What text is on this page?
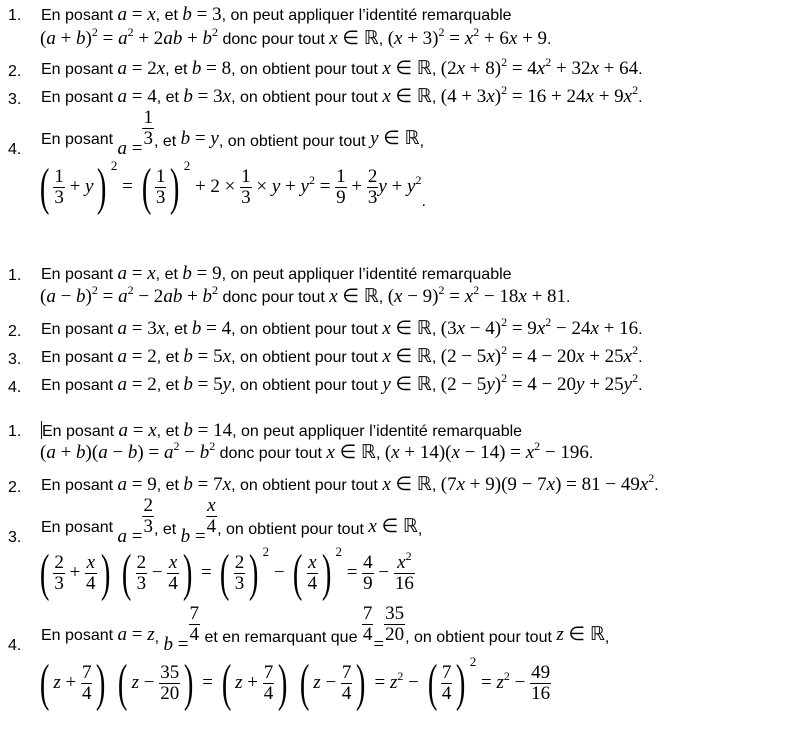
1. En posant a = x, et b = 3, on peut appliquer l’identité remarquable
$(a + b)^2 = a^2 + 2ab + b^2$ donc pour tout x ∈ ℝ, $(x + 3)^2 = x^2 + 6x + 9$.
2. En posant a = 2x, et b = 8, on obtient pour tout x ∈ ℝ, $(2x + 8)^2 = 4x^2 + 32x + 64$.
3. En posant a = 4, et b = 3x, on obtient pour tout x ∈ ℝ, $(4 + 3x)^2 = 16 + 24x + 9x^2$.
4.
En posant $a = \frac{1}{3}$ , et b = y, on obtient pour tout y ∈ ℝ,
( $\frac{1}{3} + y$) $^2$ = ( $\frac{1}{3}$ ) $^2 + 2 \times \frac{1}{3} \times y + y^2 = \frac{1}{9} + \frac{2}{3}$ $y + y^2$.
1. En posant a = x, et b = 9, on peut appliquer l’identité remarquable
$(a - b)^2 = a^2 - 2ab + b^2$ donc pour tout x ∈ ℝ, $(x - 9)^2 = x^2 - 18x + 81$.
2. En posant a = 3x, et b = 4, on obtient pour tout x ∈ ℝ, $(3x - 4)^2 = 9x^2 - 24x + 16$.
3. En posant a = 2, et b = 5x, on obtient pour tout x ∈ ℝ, $(2 - 5x)^2 = 4 - 20x + 25x^2$.
4. En posant a = 2, et b = 5y, on obtient pour tout y ∈ ℝ, $(2 - 5y)^2 = 4 - 20y + 25y^2$.
1. En posant a = x, et b = 14, on peut appliquer l’identité remarquable
$(a + b)(a - b) = a^2 - b^2$ donc pour tout x ∈ ℝ, $(x + 14)(x - 14) = x^2 - 196$.
2. En posant a = 9, et b = 7x, on obtient pour tout x ∈ ℝ, $(7x + 9)(9 - 7x) = 81 - 49x^2$.
3.
En posant $a = \frac{2}{3}$ , et $b = \frac{x}{4}$ , on obtient pour tout x ∈ ℝ,
( $\frac{2}{3} + \frac{x}{4}$ ) ( $\frac{2}{3} - \frac{x}{4}$ ) = ( $\frac{2}{3}$ ) $^2$ − ( $\frac{x}{4}$ ) $^2 = \frac{4}{9} - \frac{x^2}{16}$
4.
En posant a = z, $b = \frac{7}{4}$ et en remarquant que $\frac{7}{4} = \frac{35}{20}$ , on obtient pour tout z ∈ ℝ,
( $z + \frac{7}{4}$ ) ( $z - \frac{35}{20}$ ) = ( $z + \frac{7}{4}$ ) ( $z - \frac{7}{4}$ ) = $z^2$ − ( $\frac{7}{4}$ ) $^2 = z^2 - \frac{49}{16}$
